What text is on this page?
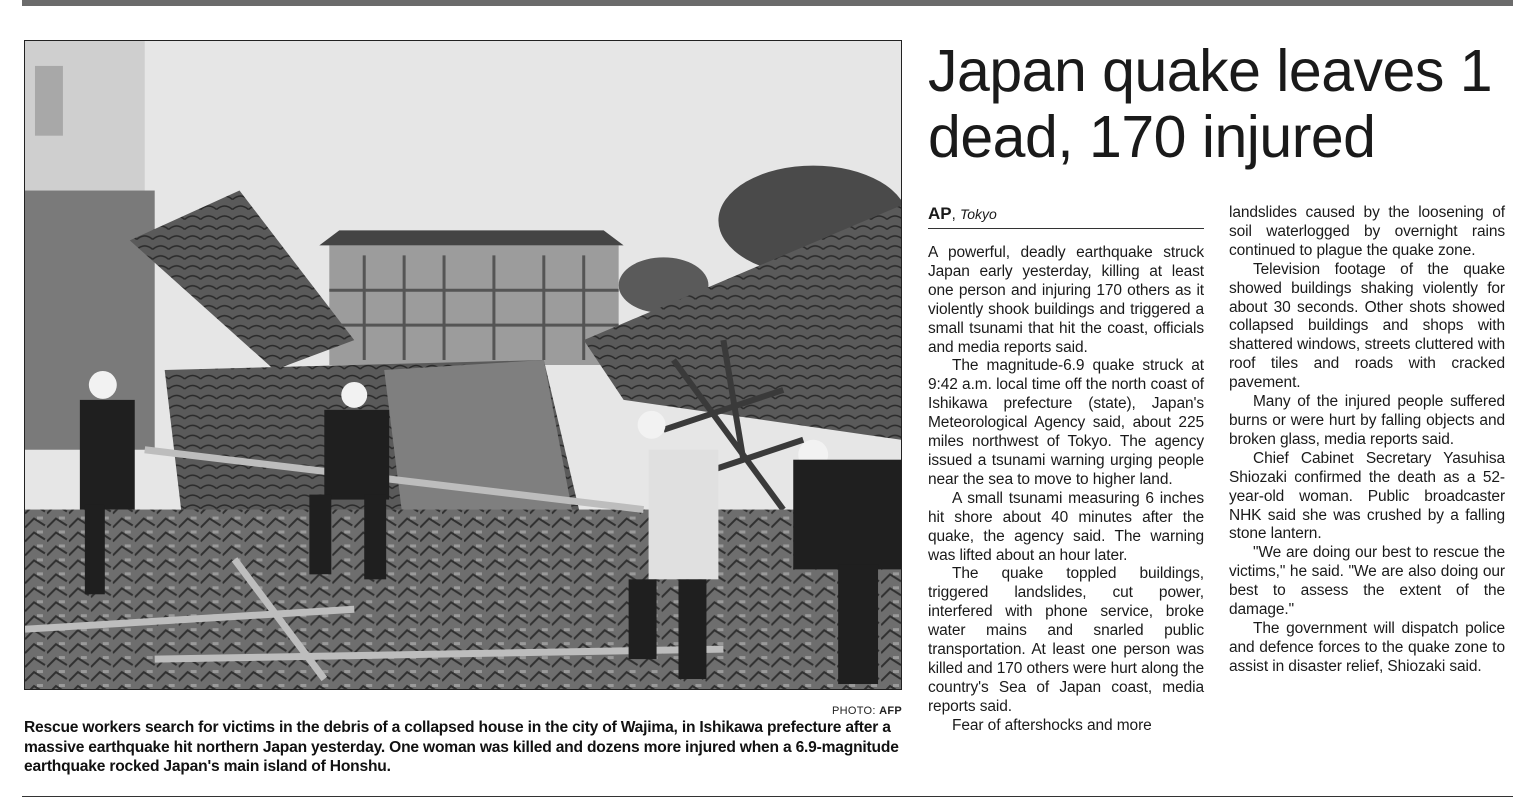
PHOTO: AFP
Rescue workers search for victims in the debris of a collapsed house in the city of Wajima, in Ishikawa prefecture after a massive earthquake hit northern Japan yesterday. One woman was killed and dozens more injured when a 6.9-magnitude earthquake rocked Japan's main island of Honshu.
Japan quake leaves 1 dead, 170 injured
AP, Tokyo

A powerful, deadly earthquake struck Japan early yesterday, killing at least one person and injuring 170 others as it violently shook buildings and triggered a small tsunami that hit the coast, officials and media reports said.

The magnitude-6.9 quake struck at 9:42 a.m. local time off the north coast of Ishikawa prefecture (state), Japan's Meteorological Agency said, about 225 miles northwest of Tokyo. The agency issued a tsunami warning urging people near the sea to move to higher land.

A small tsunami measuring 6 inches hit shore about 40 minutes after the quake, the agency said. The warning was lifted about an hour later.

The quake toppled buildings, triggered landslides, cut power, interfered with phone service, broke water mains and snarled public transportation. At least one person was killed and 170 others were hurt along the country's Sea of Japan coast, media reports said.

Fear of aftershocks and more

landslides caused by the loosening of soil waterlogged by overnight rains continued to plague the quake zone.

Television footage of the quake showed buildings shaking violently for about 30 seconds. Other shots showed collapsed buildings and shops with shattered windows, streets cluttered with roof tiles and roads with cracked pavement.

Many of the injured people suffered burns or were hurt by falling objects and broken glass, media reports said.

Chief Cabinet Secretary Yasuhisa Shiozaki confirmed the death as a 52-year-old woman. Public broadcaster NHK said she was crushed by a falling stone lantern.

"We are doing our best to rescue the victims," he said. "We are also doing our best to assess the extent of the damage."

The government will dispatch police and defence forces to the quake zone to assist in disaster relief, Shiozaki said.
